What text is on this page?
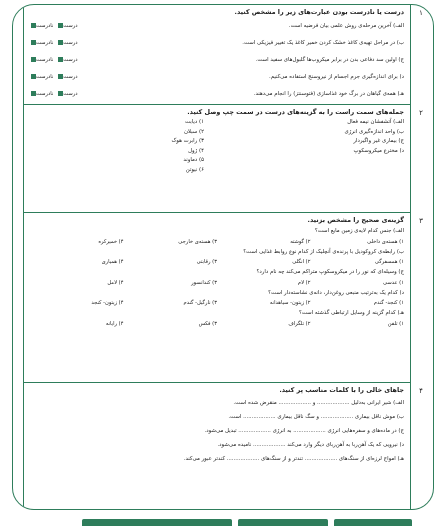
۱
درست یا نادرست بودن عبارت‌های زیر را مشخص کنید.
الف) آخرین مرحله‌ی روش علمی بیان فرضیه است.
درست
نادرست
ب) در مراحل تهیه‌ی کاغذ خشک کردن خمیر کاغذ یک تغییر فیزیکی است.
درست
نادرست
ج) اولین سد دفاعی بدن در برابر میکروب‌ها گلبول‌های سفید است.
درست
نادرست
د) برای اندازه‌گیری جرم اجسام از نیروسنج استفاده می‌کنیم.
درست
نادرست
هـ) همه‌ی گیاهان در برگ خود غذاسازی (فتوسنتز) را انجام می‌دهند.
درست
نادرست
۲
جمله‌های سمت راست را به گزینه‌های درست در سمت چپ وصل کنید.
الف) آتشفشان نیمه فعال
ب) واحد اندازه‌گیری انرژی
ج) بیماری غیر واگیردار
د) مخترع میکروسکوپ
۱) دیابت
۲) سبلان
۳) رابرت هوک
۴) ژول
۵) دماوند
۶) نیوتن
۳
گزینه‌ی صحیح را مشخص بزنید.
الف) جنس کدام لایه‌ی زمین مایع است؟
۱) هسته‌ی داخلی
۲) گوشته
۳) هسته‌ی خارجی
۴) خمیرکره
ب) رابطه‌ی کروکودیل با پرنده‌ی آنچلیک از کدام نوع روابط غذایی است؟
۱) همسفرگی
۲) انگلی
۳) رقابتی
۴) همیاری
ج) وسیله‌ای که نور را در میکروسکوپ متراکم می‌کند چه نام دارد؟
۱) عدسی
۲) لام
۳) کندانسور
۴) لامل
د) کدام یک به‌ترتیب منبعی روغن‌دار، دانه‌ی نشاسته‌دار است؟
۱) کنجد- گندم
۲) زیتون- سیاهدانه
۳) نارگیل- گندم
۴) زیتون- کنجد
هـ) کدام گزینه از وسایل ارتباطی گذشته است؟
۱) تلفن
۲) تلگراف
۳) فکس
۴) رایانه
۴
جاهای خالی را با کلمات مناسب پر کنید.
الف) شیر ایرانی به‌دلیل ................... و ................... منقرض شده است.
ب) موش ناقل بیماری ................... و سگ ناقل بیماری ................... است.
ج) در ماده‌های و سفره‌هایی انرژی ................... به انرژی ................... تبدیل می‌شود.
د) نیرویی که یک آهن‌ربا به آهن‌ربای دیگر وارد می‌کند ................... نامیده می‌شود.
هـ) امواج لرزه‌ای از سنگ‌های ................... تندتر و از سنگ‌های ................... کندتر عبور می‌کند.
